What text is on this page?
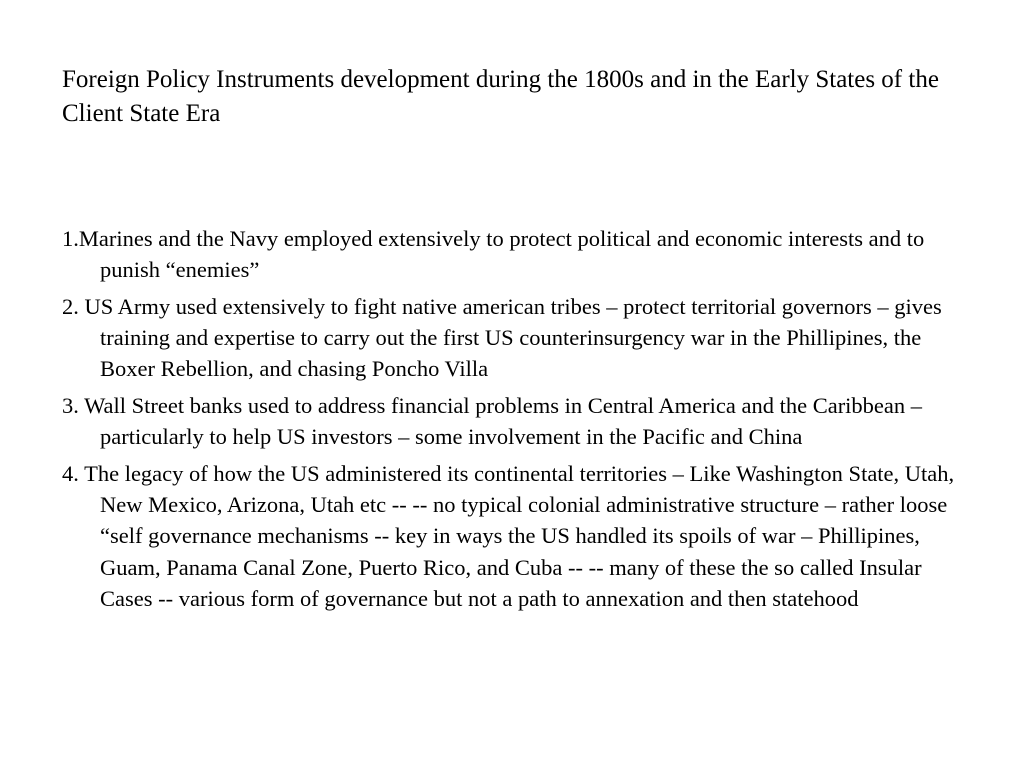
Foreign Policy Instruments development during the 1800s and in the Early States of the Client State Era
1.Marines and the Navy employed extensively to protect political and economic interests and to punish “enemies”
2. US Army used extensively to fight native american tribes – protect territorial governors – gives training and expertise to carry out the first US counterinsurgency war in the Phillipines, the Boxer Rebellion, and chasing Poncho Villa
3. Wall Street banks used to address financial problems in Central America and the Caribbean – particularly to help US investors – some involvement in the Pacific and China
4. The legacy of how the US administered its continental territories – Like Washington State, Utah, New Mexico, Arizona, Utah etc -- -- no typical colonial administrative structure – rather loose “self governance mechanisms -- key in ways the US handled its spoils of war – Phillipines, Guam, Panama Canal Zone, Puerto Rico, and Cuba -- -- many of these the so called Insular Cases -- various form of governance but not a path to annexation and then statehood
